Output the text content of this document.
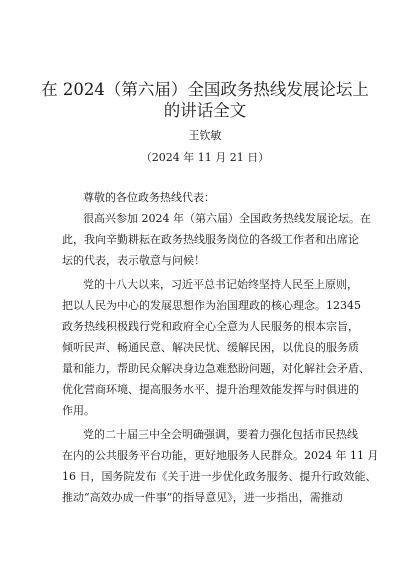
在 2024（第六届）全国政务热线发展论坛上
的讲话全文
王钦敏
（2024 年 11 月 21 日）
尊敬的各位政务热线代表：
很高兴参加 2024 年（第六届）全国政务热线发展论坛。在
此，我向辛勤耕耘在政务热线服务岗位的各级工作者和出席论
坛的代表，表示敬意与问候！
党的十八大以来，习近平总书记始终坚持人民至上原则，
把以人民为中心的发展思想作为治国理政的核心理念。12345
政务热线积极践行党和政府全心全意为人民服务的根本宗旨，
倾听民声、畅通民意、解决民忧、缓解民困，以优良的服务质
量和能力，帮助民众解决身边急难愁盼问题，对化解社会矛盾、
优化营商环境、提高服务水平、提升治理效能发挥与时俱进的
作用。
党的二十届三中全会明确强调，要着力强化包括市民热线
在内的公共服务平台功能，更好地服务人民群众。2024 年 11 月
16 日，国务院发布《关于进一步优化政务服务、提升行政效能、
推动“高效办成一件事”的指导意见》，进一步指出，需推动
